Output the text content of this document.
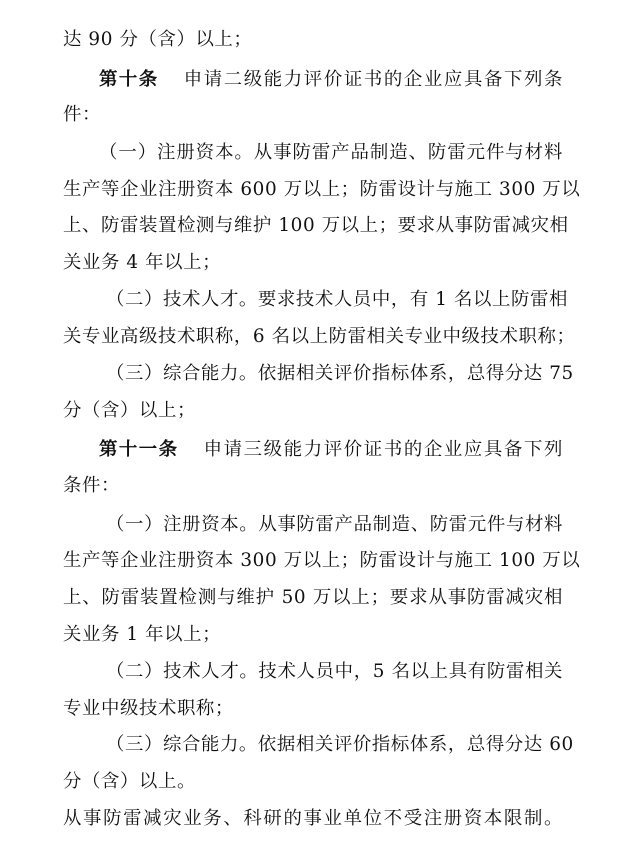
达 90 分（含）以上；
第十条 申请二级能力评价证书的企业应具备下列条
件：
（一）注册资本。从事防雷产品制造、防雷元件与材料
生产等企业注册资本 600 万以上；防雷设计与施工 300 万以
上、防雷装置检测与维护 100 万以上；要求从事防雷减灾相
关业务 4 年以上；
（二）技术人才。要求技术人员中，有 1 名以上防雷相
关专业高级技术职称，6 名以上防雷相关专业中级技术职称；
（三）综合能力。依据相关评价指标体系，总得分达 75
分（含）以上；
第十一条 申请三级能力评价证书的企业应具备下列
条件：
（一）注册资本。从事防雷产品制造、防雷元件与材料
生产等企业注册资本 300 万以上；防雷设计与施工 100 万以
上、防雷装置检测与维护 50 万以上；要求从事防雷减灾相
关业务 1 年以上；
（二）技术人才。技术人员中，5 名以上具有防雷相关
专业中级技术职称；
（三）综合能力。依据相关评价指标体系，总得分达 60
分（含）以上。
从事防雷减灾业务、科研的事业单位不受注册资本限制。
